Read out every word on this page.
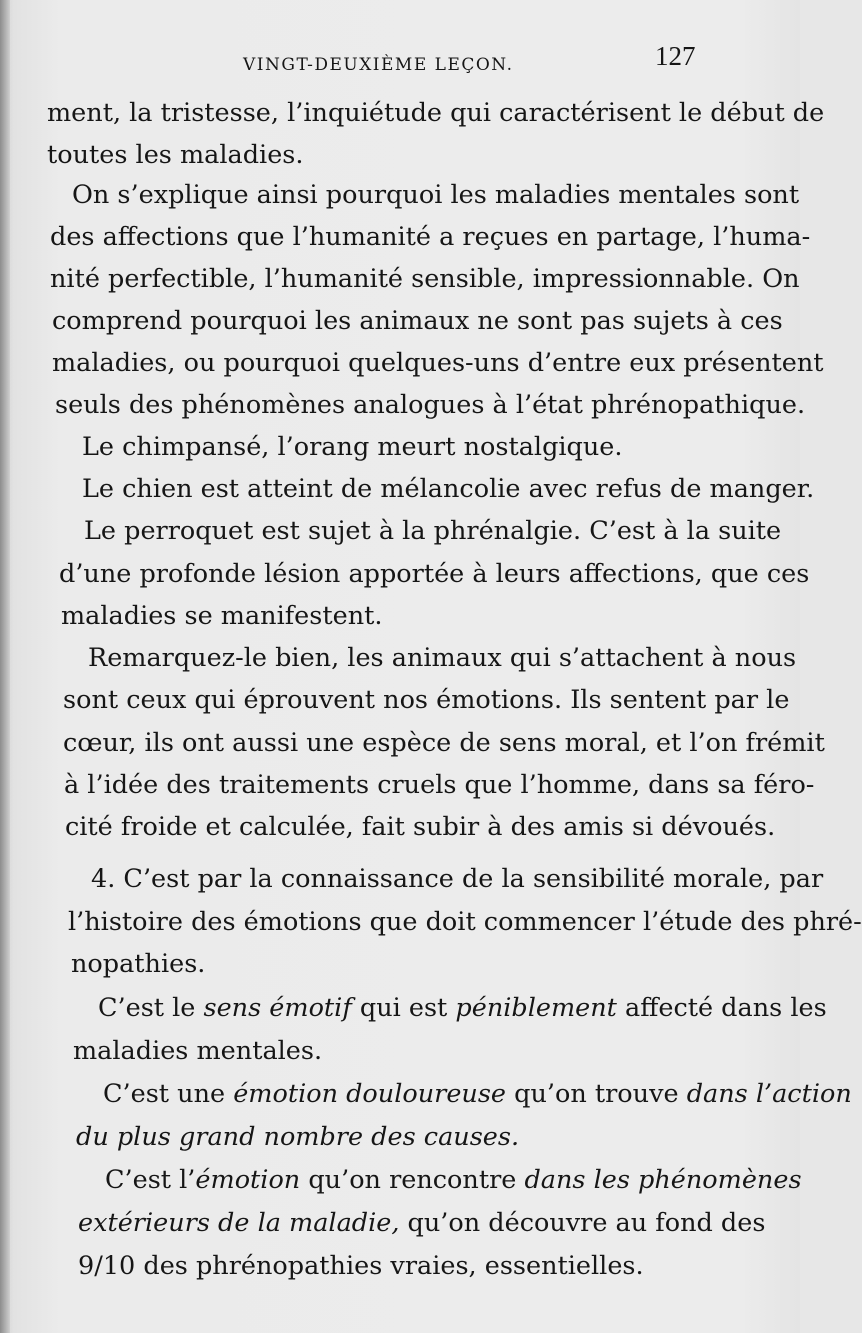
VINGT-DEUXIÈME LEÇON.	127
ment, la tristesse, l’inquiétude qui caractérisent le début de
toutes les maladies.
On s’explique ainsi pourquoi les maladies mentales sont
des affections que l’humanité a reçues en partage, l’huma-
nité perfectible, l’humanité sensible, impressionnable. On
comprend pourquoi les animaux ne sont pas sujets à ces
maladies, ou pourquoi quelques-uns d’entre eux présentent
seuls des phénomènes analogues à l’état phrénopathique.
Le chimpansé, l’orang meurt nostalgique.
Le chien est atteint de mélancolie avec refus de manger.
Le perroquet est sujet à la phrénalgie. C’est à la suite
d’une profonde lésion apportée à leurs affections, que ces
maladies se manifestent.
Remarquez-le bien, les animaux qui s’attachent à nous
sont ceux qui éprouvent nos émotions. Ils sentent par le
cœur, ils ont aussi une espèce de sens moral, et l’on frémit
à l’idée des traitements cruels que l’homme, dans sa féro-
cité froide et calculée, fait subir à des amis si dévoués.
4. C’est par la connaissance de la sensibilité morale, par
l’histoire des émotions que doit commencer l’étude des phré-
nopathies.
C’est le sens émotif qui est péniblement affecté dans les
maladies mentales.
C’est une émotion douloureuse qu’on trouve dans l’action
du plus grand nombre des causes.
C’est l’émotion qu’on rencontre dans les phénomènes
extérieurs de la maladie, qu’on découvre au fond des
9/10 des phrénopathies vraies, essentielles.
